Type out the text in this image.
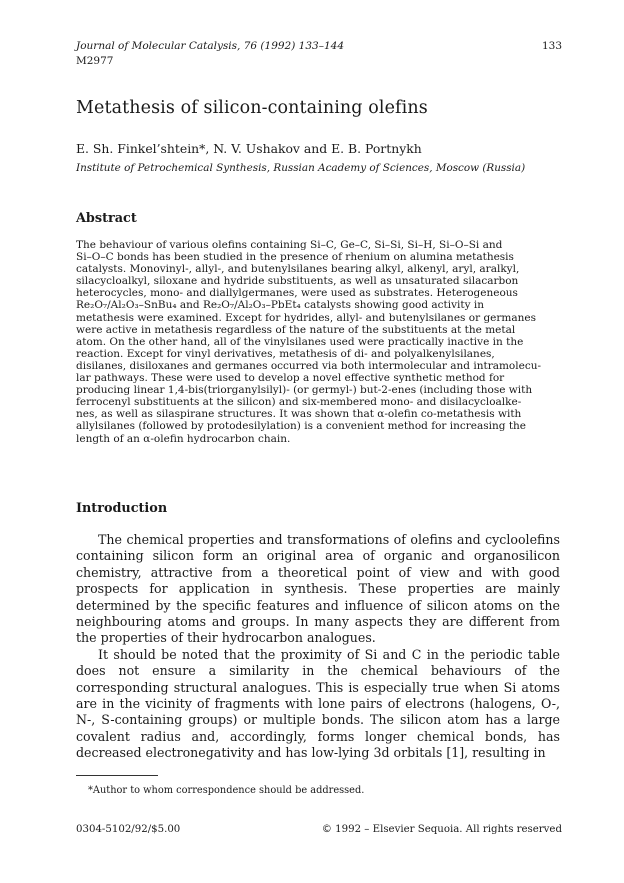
Journal of Molecular Catalysis, 76 (1992) 133–144
M2977
133
Metathesis of silicon-containing olefins
E. Sh. Finkel’shtein*, N. V. Ushakov and E. B. Portnykh
Institute of Petrochemical Synthesis, Russian Academy of Sciences, Moscow (Russia)
Abstract
The behaviour of various olefins containing Si–C, Ge–C, Si–Si, Si–H, Si–O–Si and
Si–O–C bonds has been studied in the presence of rhenium on alumina metathesis
catalysts. Monovinyl-, allyl-, and butenylsilanes bearing alkyl, alkenyl, aryl, aralkyl,
silacycloalkyl, siloxane and hydride substituents, as well as unsaturated silacarbon
heterocycles, mono- and diallylgermanes, were used as substrates. Heterogeneous
Re₂O₇/Al₂O₃–SnBu₄ and Re₂O₇/Al₂O₃–PbEt₄ catalysts showing good activity in
metathesis were examined. Except for hydrides, allyl- and butenylsilanes or germanes
were active in metathesis regardless of the nature of the substituents at the metal
atom. On the other hand, all of the vinylsilanes used were practically inactive in the
reaction. Except for vinyl derivatives, metathesis of di- and polyalkenylsilanes,
disilanes, disiloxanes and germanes occurred via both intermolecular and intramolecu-
lar pathways. These were used to develop a novel effective synthetic method for
producing linear 1,4-bis(triorganylsilyl)- (or germyl-) but-2-enes (including those with
ferrocenyl substituents at the silicon) and six-membered mono- and disilacycloalke-
nes, as well as silaspirane structures. It was shown that α-olefin co-metathesis with
allylsilanes (followed by protodesilylation) is a convenient method for increasing the
length of an α-olefin hydrocarbon chain.
Introduction

The chemical properties and transformations of olefins and cycloolefins containing silicon form an original area of organic and organosilicon chemistry, attractive from a theoretical point of view and with good prospects for application in synthesis. These properties are mainly determined by the specific features and influence of silicon atoms on the neighbouring atoms and groups. In many aspects they are different from the properties of their hydrocarbon analogues.

It should be noted that the proximity of Si and C in the periodic table does not ensure a similarity in the chemical behaviours of the corresponding structural analogues. This is especially true when Si atoms are in the vicinity of fragments with lone pairs of electrons (halogens, O-, N-, S-containing groups) or multiple bonds. The silicon atom has a large covalent radius and, accordingly, forms longer chemical bonds, has decreased electronegativity and has low-lying 3d orbitals [1], resulting in

*Author to whom correspondence should be addressed.
0304-5102/92/$5.00	© 1992 – Elsevier Sequoia. All rights reserved
